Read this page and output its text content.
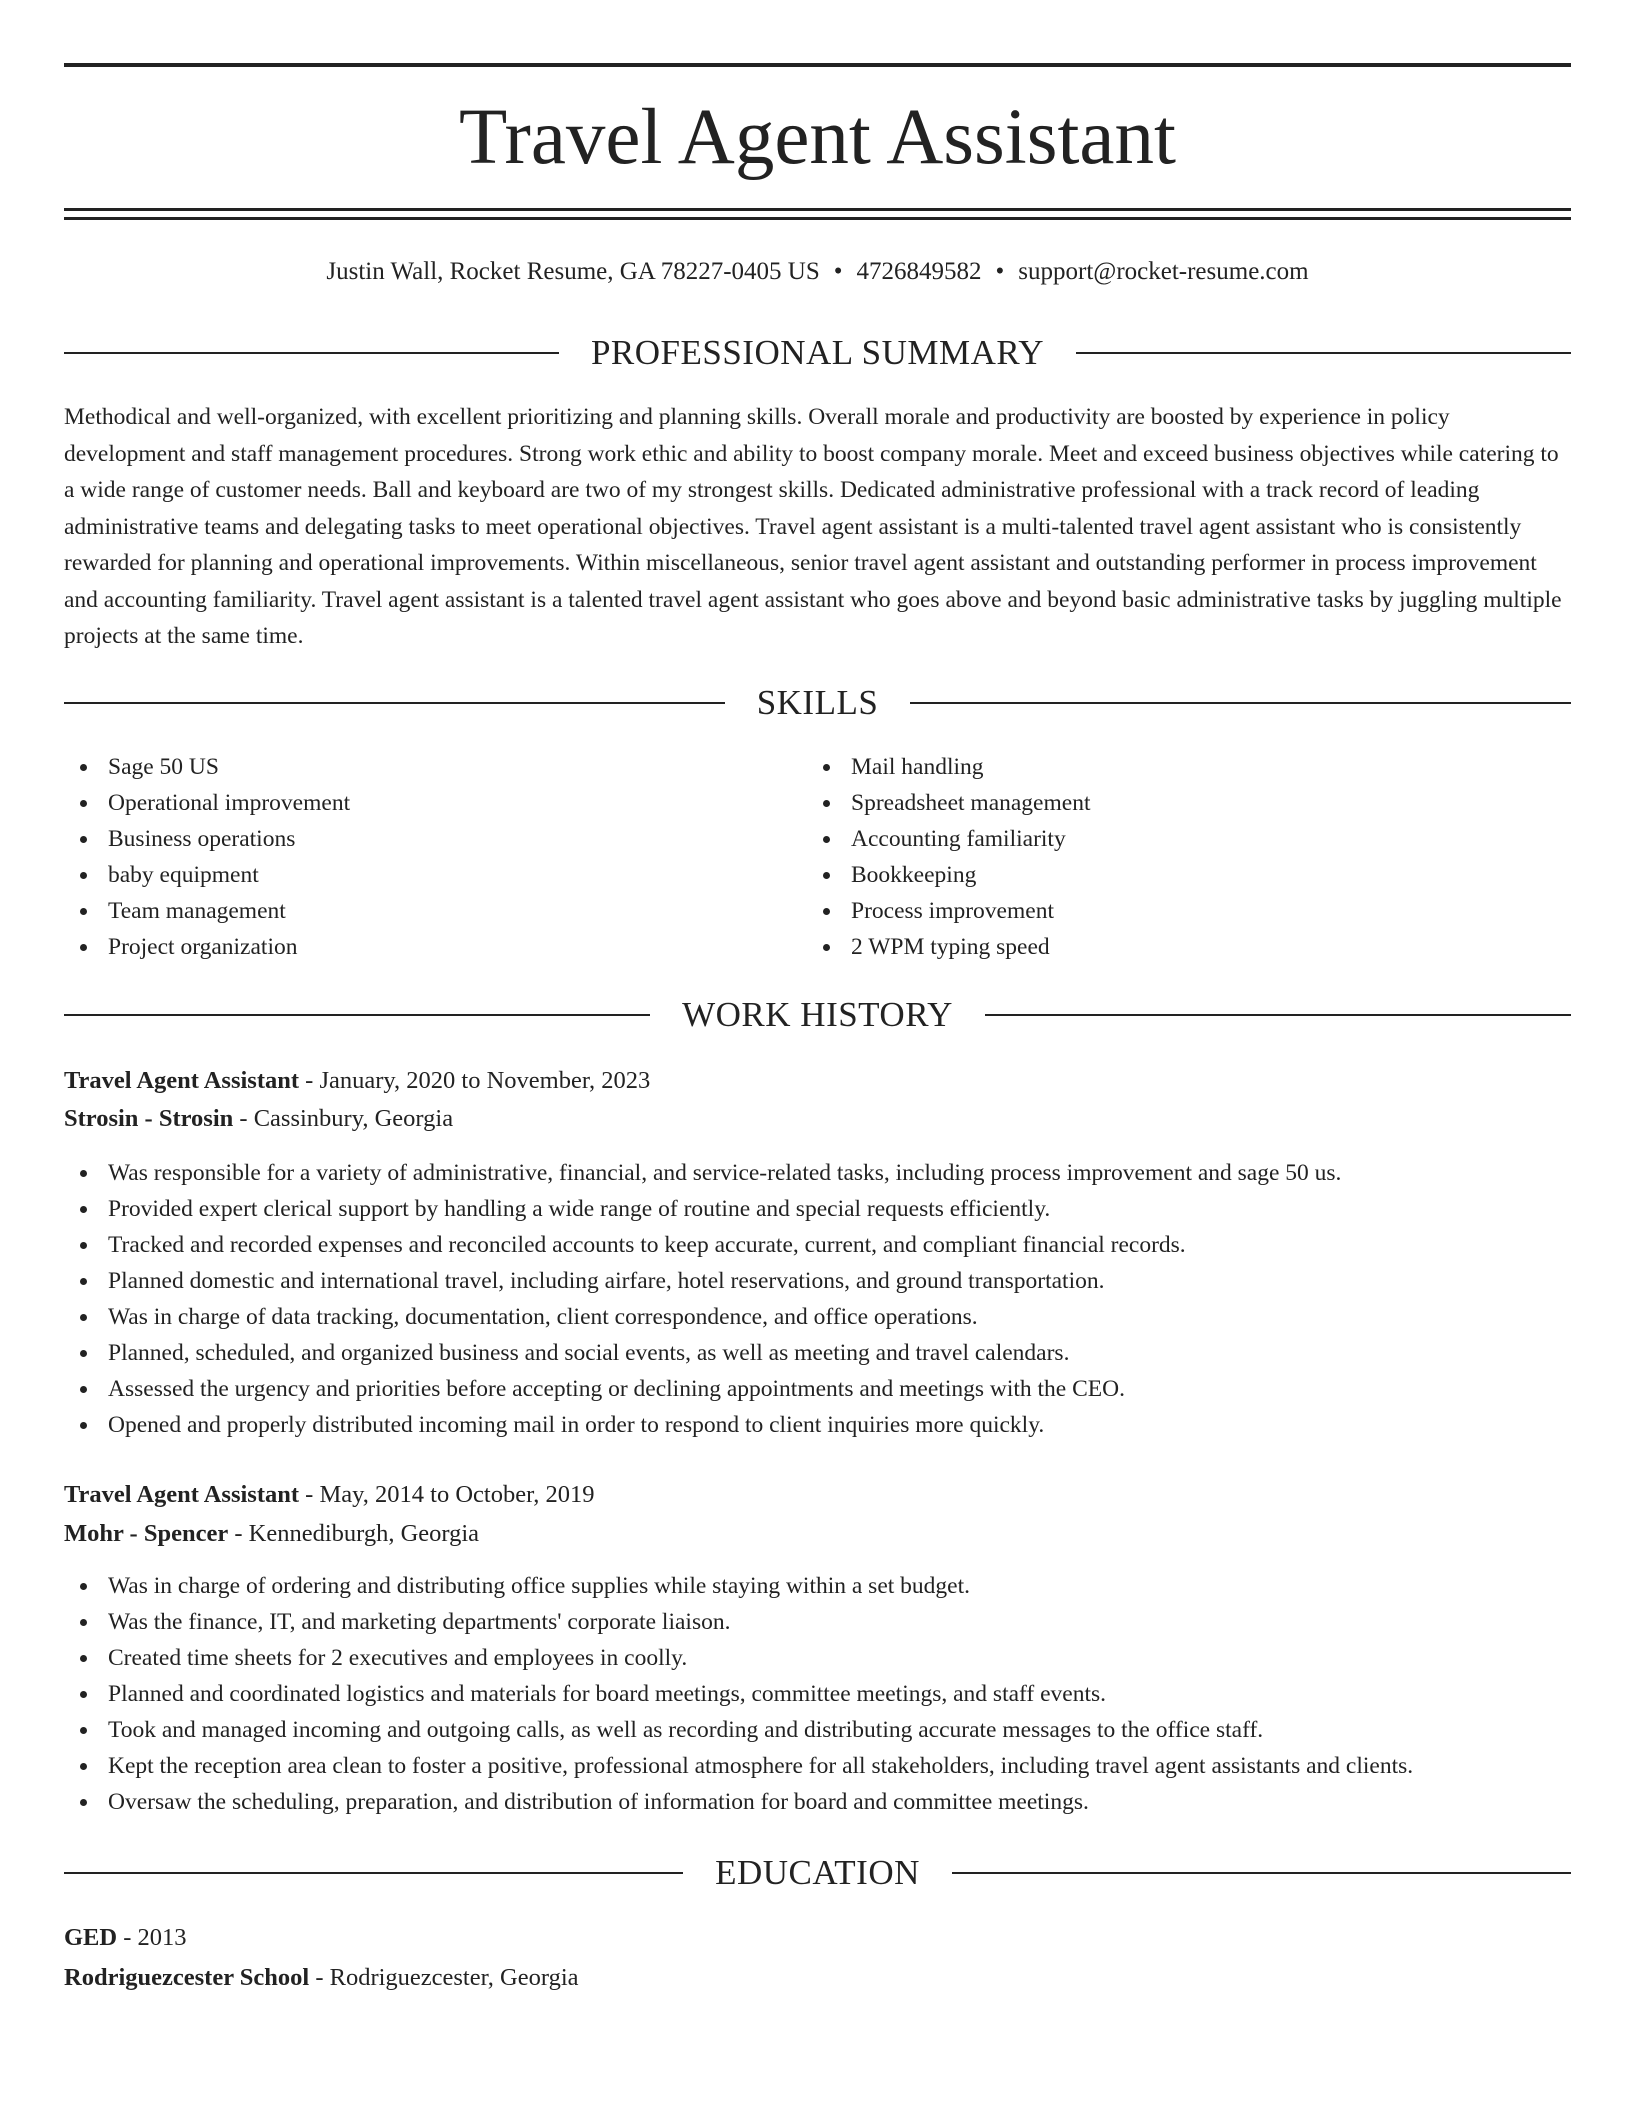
Travel Agent Assistant
Justin Wall, Rocket Resume, GA 78227-0405 US • 4726849582 • support@rocket-resume.com
PROFESSIONAL SUMMARY

Methodical and well-organized, with excellent prioritizing and planning skills. Overall morale and productivity are boosted by experience in policy development and staff management procedures. Strong work ethic and ability to boost company morale. Meet and exceed business objectives while catering to a wide range of customer needs. Ball and keyboard are two of my strongest skills. Dedicated administrative professional with a track record of leading administrative teams and delegating tasks to meet operational objectives. Travel agent assistant is a multi-talented travel agent assistant who is consistently rewarded for planning and operational improvements. Within miscellaneous, senior travel agent assistant and outstanding performer in process improvement and accounting familiarity. Travel agent assistant is a talented travel agent assistant who goes above and beyond basic administrative tasks by juggling multiple projects at the same time.

SKILLS
Sage 50 US
Operational improvement
Business operations
baby equipment
Team management
Project organization
Mail handling
Spreadsheet management
Accounting familiarity
Bookkeeping
Process improvement
2 WPM typing speed
WORK HISTORY
Travel Agent Assistant - January, 2020 to November, 2023
Strosin - Strosin - Cassinbury, Georgia
Was responsible for a variety of administrative, financial, and service-related tasks, including process improvement and sage 50 us.
Provided expert clerical support by handling a wide range of routine and special requests efficiently.
Tracked and recorded expenses and reconciled accounts to keep accurate, current, and compliant financial records.
Planned domestic and international travel, including airfare, hotel reservations, and ground transportation.
Was in charge of data tracking, documentation, client correspondence, and office operations.
Planned, scheduled, and organized business and social events, as well as meeting and travel calendars.
Assessed the urgency and priorities before accepting or declining appointments and meetings with the CEO.
Opened and properly distributed incoming mail in order to respond to client inquiries more quickly.
Travel Agent Assistant - May, 2014 to October, 2019
Mohr - Spencer - Kennediburgh, Georgia
Was in charge of ordering and distributing office supplies while staying within a set budget.
Was the finance, IT, and marketing departments' corporate liaison.
Created time sheets for 2 executives and employees in coolly.
Planned and coordinated logistics and materials for board meetings, committee meetings, and staff events.
Took and managed incoming and outgoing calls, as well as recording and distributing accurate messages to the office staff.
Kept the reception area clean to foster a positive, professional atmosphere for all stakeholders, including travel agent assistants and clients.
Oversaw the scheduling, preparation, and distribution of information for board and committee meetings.
EDUCATION
GED - 2013
Rodriguezcester School - Rodriguezcester, Georgia
